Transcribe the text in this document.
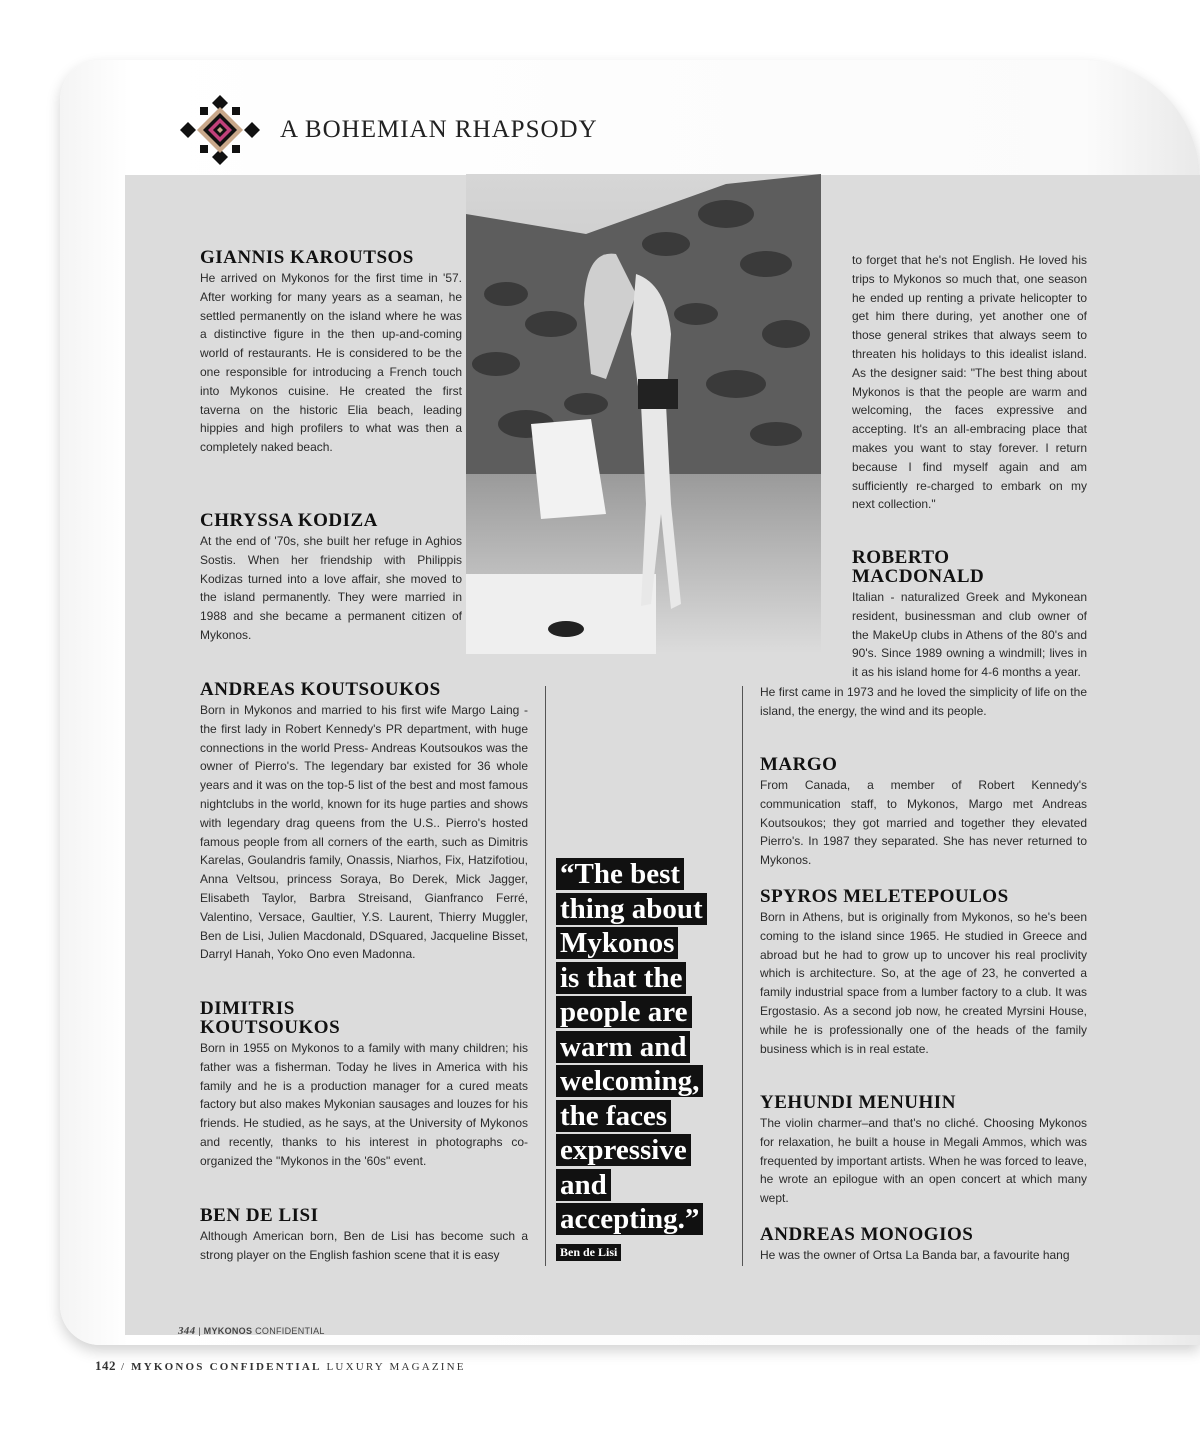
A BOHEMIAN RHAPSODY
GIANNIS KAROUTSOS

He arrived on Mykonos for the first time in '57. After working for many years as a seaman, he settled permanently on the island where he was a distinctive figure in the then up-and-coming world of restaurants. He is considered to be the one responsible for introducing a French touch into Mykonos cuisine. He created the first taverna on the historic Elia beach, leading hippies and high profilers to what was then a completely naked beach.

CHRYSSA KODIZA

At the end of '70s, she built her refuge in Aghios Sostis. When her friendship with Philippis Kodizas turned into a love affair, she moved to the island permanently. They were married in 1988 and she became a permanent citizen of Mykonos.

ANDREAS KOUTSOUKOS

Born in Mykonos and married to his first wife Margo Laing -the first lady in Robert Kennedy's PR department, with huge connections in the world Press- Andreas Koutsoukos was the owner of Pierro's. The legendary bar existed for 36 whole years and it was on the top-5 list of the best and most famous nightclubs in the world, known for its huge parties and shows with legendary drag queens from the U.S.. Pierro's hosted famous people from all corners of the earth, such as Dimitris Karelas, Goulandris family, Onassis, Niarhos, Fix, Hatzifotiou, Anna Veltsou, princess Soraya, Bo Derek, Mick Jagger, Elisabeth Taylor, Barbra Streisand, Gianfranco Ferré, Valentino, Versace, Gaultier, Y.S. Laurent, Thierry Muggler, Ben de Lisi, Julien Macdonald, DSquared, Jacqueline Bisset, Darryl Hanah, Yoko Ono even Madonna.

DIMITRIS KOUTSOUKOS

Born in 1955 on Mykonos to a family with many children; his father was a fisherman. Today he lives in America with his family and he is a production manager for a cured meats factory but also makes Mykonian sausages and louzes for his friends. He studied, as he says, at the University of Mykonos and recently, thanks to his interest in photographs co-organized the "Mykonos in the '60s" event.

BEN DE LISI

Although American born, Ben de Lisi has become such a strong player on the English fashion scene that it is easy

“The best
thing about
Mykonos
is that the
people are
warm and
welcoming,
the faces
expressive
and
accepting.”
Ben de Lisi

to forget that he's not English. He loved his trips to Mykonos so much that, one season he ended up renting a private helicopter to get him there during, yet another one of those general strikes that always seem to threaten his holidays to this idealist island. As the designer said: "The best thing about Mykonos is that the people are warm and welcoming, the faces expressive and accepting. It's an all-embracing place that makes you want to stay forever. I return because I find myself again and am sufficiently re-charged to embark on my next collection."

ROBERTO MACDONALD

Italian - naturalized Greek and Mykonean resident, businessman and club owner of the MakeUp clubs in Athens of the 80's and 90's. Since 1989 owning a windmill; lives in it as his island home for 4-6 months a year.

He first came in 1973 and he loved the simplicity of life on the island, the energy, the wind and its people.

MARGO

From Canada, a member of Robert Kennedy's communication staff, to Mykonos, Margo met Andreas Koutsoukos; they got married and together they elevated Pierro's. In 1987 they separated. She has never returned to Mykonos.

SPYROS MELETEPOULOS

Born in Athens, but is originally from Mykonos, so he's been coming to the island since 1965. He studied in Greece and abroad but he had to grow up to uncover his real proclivity which is architecture. So, at the age of 23, he converted a family industrial space from a lumber factory to a club. It was Ergostasio. As a second job now, he created Myrsini House, while he is professionally one of the heads of the family business which is in real estate.

YEHUNDI MENUHIN

The violin charmer–and that's no cliché. Choosing Mykonos for relaxation, he built a house in Megali Ammos, which was frequented by important artists. When he was forced to leave, he wrote an epilogue with an open concert at which many wept.

ANDREAS MONOGIOS

He was the owner of Ortsa La Banda bar, a favourite hang

344 | MYKONOS CONFIDENTIAL
142 / MYKONOS CONFIDENTIAL LUXURY MAGAZINE
